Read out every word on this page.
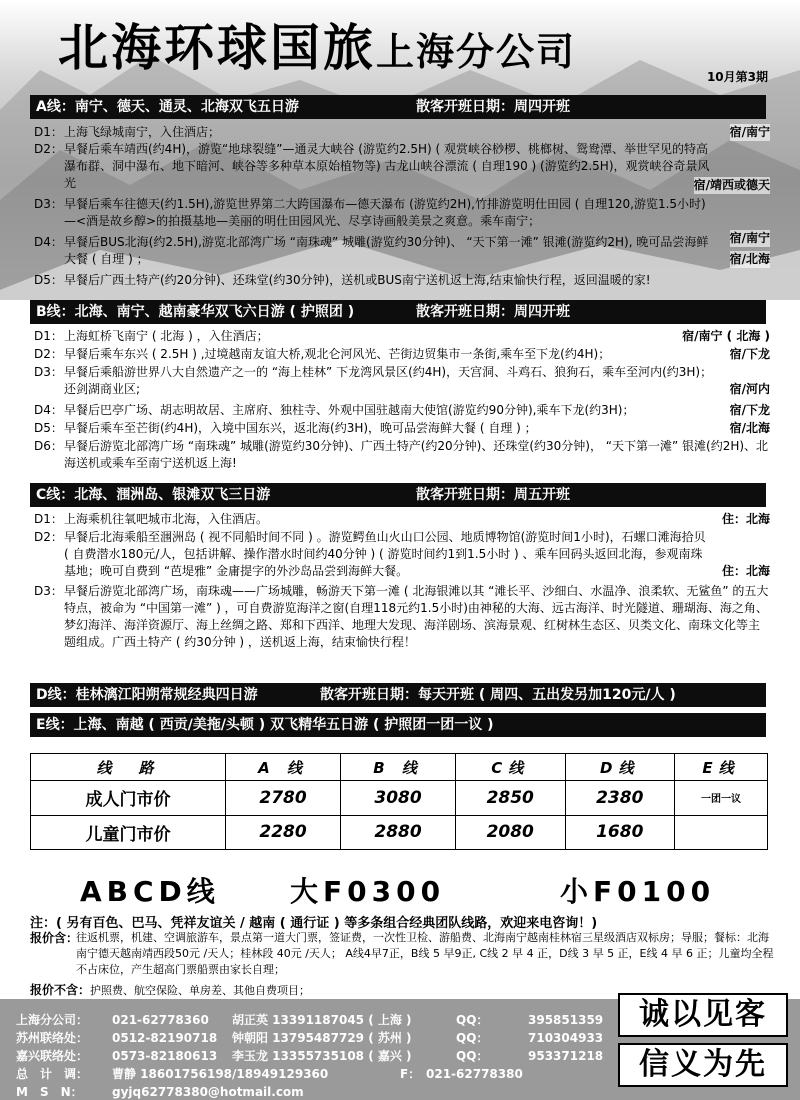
北海环球国旅上海分公司
10月第3期
A线：南宁、德天、通灵、北海双飞五日游	散客开班日期：周四开班
D1： 上海飞绿城南宁，入住酒店；	宿/南宁
D2： 早餐后乘车靖西(约4H)，游览“地球裂缝”—通灵大峡谷 (游览约2.5H) ( 观赏峡谷桫椤、桃榔树、鸳鸯潭、举世罕见的特高瀑布群、洞中瀑布、地下暗河、峡谷等多种草本原始植物等) 古龙山峡谷漂流 ( 自理190 ) (游览约2.5H)，观赏峡谷奇景风光	宿/靖西或德天
D3： 早餐后乘车往德天(约1.5H),游览世界第二大跨国瀑布—德天瀑布 (游览约2H),竹排游览明仕田园 ( 自理120,游览1.5小时)—<酒是故乡醇>的拍摄基地—美丽的明仕田园风光、尽享诗画般美景之爽意。乘车南宁；
宿/南宁
D4： 早餐后BUS北海(约2.5H),游览北部湾广场 “南珠魂” 城雕(游览约30分钟)、 “天下第一滩” 银滩(游览约2H), 晚可品尝海鲜大餐 ( 自理 ) ；	宿/北海
D5： 早餐后广西土特产(约20分钟)、还珠堂(约30分钟)，送机或BUS南宁送机返上海,结束愉快行程，返回温暖的家!
B线：北海、南宁、越南豪华双飞六日游 ( 护照团 )	散客开班日期：周四开班
D1： 上海虹桥飞南宁 ( 北海 ) ，入住酒店；	宿/南宁 ( 北海 )
D2： 早餐后乘车东兴 ( 2.5H ) ,过境越南友谊大桥,观北仑河风光、芒街边贸集市一条街,乘车至下龙(约4H)；	宿/下龙
D3： 早餐后乘船游世界八大自然遗产之一的 “海上桂林” 下龙湾风景区(约4H)，天宫洞、斗鸡石、狼狗石，乘车至河内(约3H)；　还剑湖商业区;	宿/河内
D4： 早餐后巴亭广场、胡志明故居、主席府、独柱寺、外观中国驻越南大使馆(游览约90分钟),乘车下龙(约3H)；	宿/下龙
D5： 早餐后乘车至芒街(约4H)，入境中国东兴，返北海(约3H)，晚可品尝海鲜大餐 ( 自理 ) ；	宿/北海
D6： 早餐后游览北部湾广场 “南珠魂” 城雕(游览约30分钟)、广西土特产(约20分钟)、还珠堂(约30分钟)， “天下第一滩” 银滩(约2H)、北海送机或乘车至南宁送机返上海!
C线：北海、涠洲岛、银滩双飞三日游	散客开班日期：周五开班
D1： 上海乘机往氧吧城市北海，入住酒店。	住：北海
D2： 早餐后北海乘船至涠洲岛 ( 视不同船时间不同 ) 。游览鳄鱼山火山口公园、地质博物馆(游览时间1小时)，石螺口滩海拾贝 ( 自费潜水180元/人，包括讲解、操作潜水时间约40分钟 ) ( 游览时间约1到1.5小时 ) 、乘车回码头返回北海，参观南珠基地；晚可自费到 “芭堤雅” 金庸提字的外沙岛品尝到海鲜大餐。	住：北海
D3： 早餐后游览北部湾广场，南珠魂——广场城雕，畅游天下第一滩 ( 北海银滩以其 “滩长平、沙细白、水温净、浪柔软、无鲨鱼” 的五大特点，被命为 “中国第一滩” ) ，可自费游览海洋之窗(自理118元约1.5小时)由神秘的大海、远古海洋、时光隧道、珊瑚海、海之角、梦幻海洋、海洋资源厅、海上丝绸之路、郑和下西洋、地理大发现、海洋剧场、滨海景观、红树林生态区、贝类文化、南珠文化等主题组成。广西土特产 ( 约30分钟 ) ，送机返上海，结束愉快行程！
D线：桂林漓江阳朔常规经典四日游	散客开班日期：每天开班 ( 周四、五出发另加120元/人 )
E线：上海、南越 ( 西贡/美拖/头顿 ) 双飞精华五日游 ( 护照团一团一议 )
线　路	A 线	B 线	C线	D线	E线
成人门市价	2780	3080	2850	2380	一团一议
儿童门市价	2280	2880	2080	1680	
ABCD线	大F0300	小F0100
注：( 另有百色、巴马、凭祥友谊关 / 越南 ( 通行证 ) 等多条组合经典团队线路，欢迎来电咨询！)
报价含：
往返机票，机建、空调旅游车，景点第一道大门票，签证费，一次性卫检、游船费、北海南宁越南桂林宿三星级酒店双标房；导服；餐标：北海南宁德天越南靖西段50元 /天人；桂林段 40元 /天人； A线4早7正，B线 5 早9正, C线 2 早 4 正，D线 3 早 5 正，E线 4 早 6 正；儿童均全程不占床位，产生超高门票船票由家长自理；
报价不含：护照费、航空保险、单房差、其他自费项目；
上海分公司： 021-62778360 胡正英 13391187045 ( 上海 )	QQ：	395851359
苏州联络处： 0512-82190718 钟朝阳 13795487729 ( 苏州 )	QQ：	710304933
嘉兴联络处： 0573-82180613 李玉龙 13355735108 ( 嘉兴 )	QQ：	953371218
总　计　调： 曹静 18601756198/18949129360	F： 021-62778380
M　S　N： gyjq62778380@hotmail.com
诚以见客
信义为先
